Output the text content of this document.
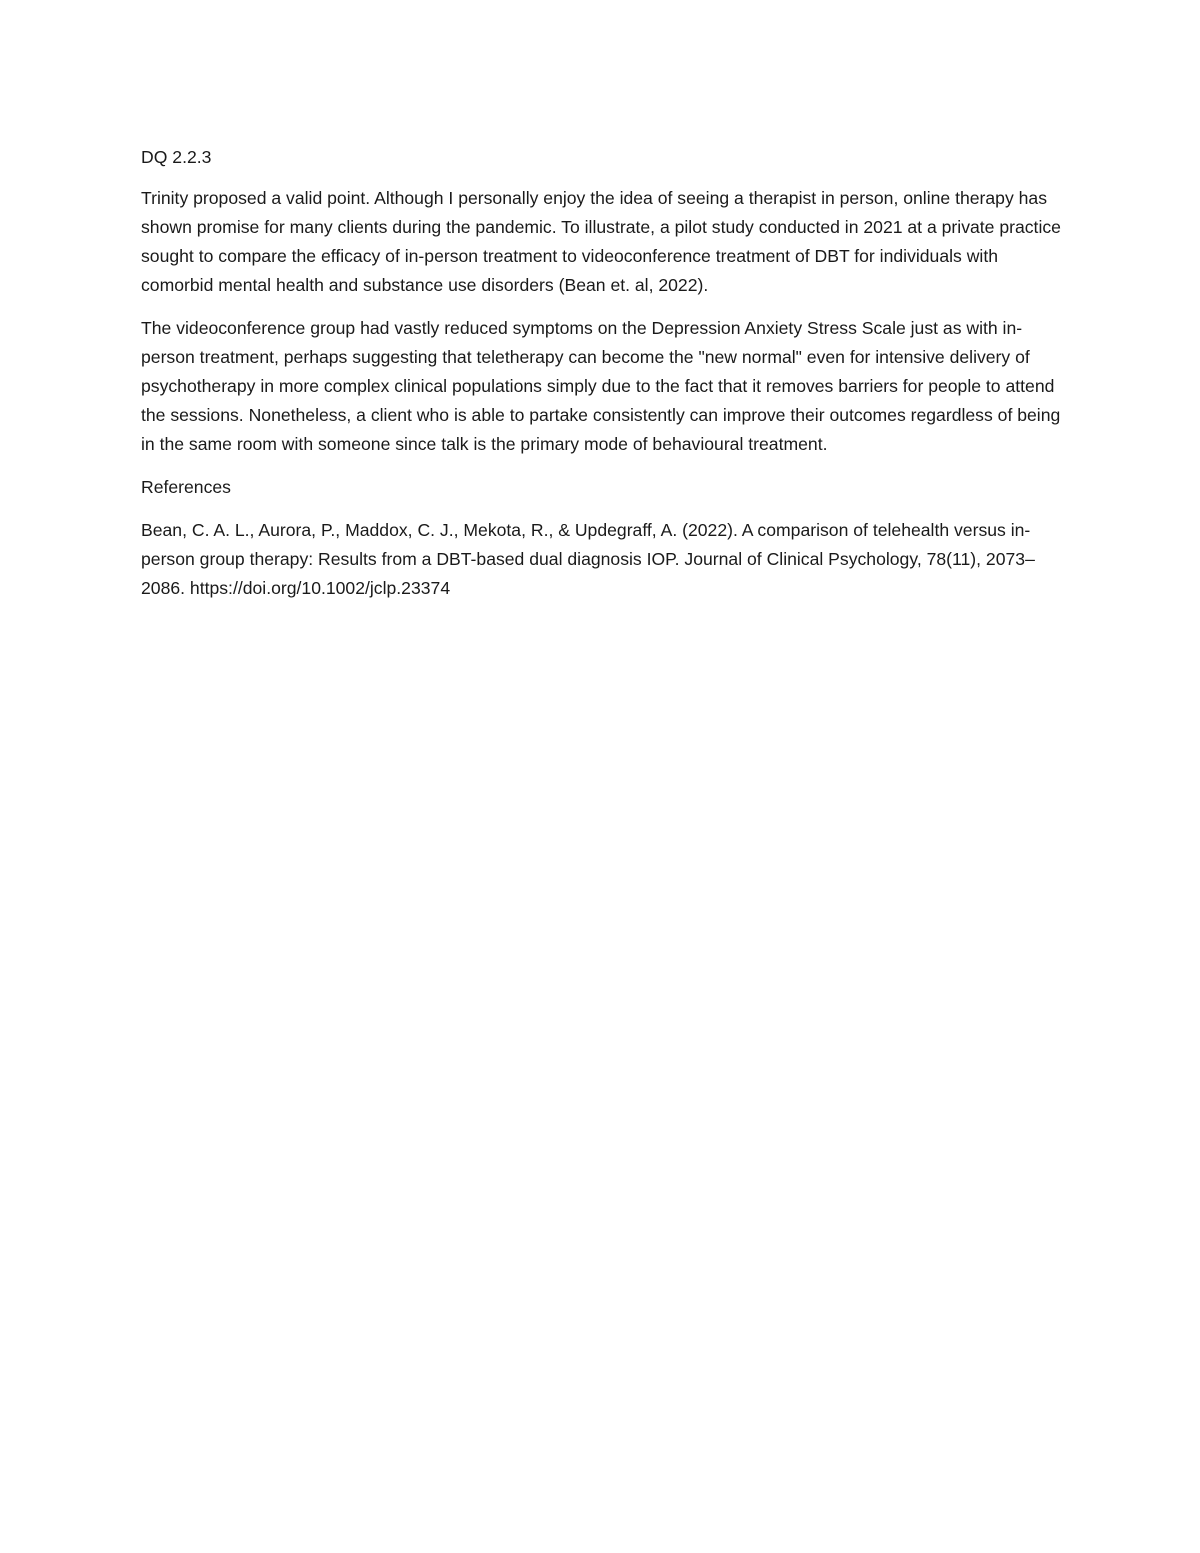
DQ 2.2.3

Trinity proposed a valid point. Although I personally enjoy the idea of seeing a therapist in person, online therapy has shown promise for many clients during the pandemic. To illustrate, a pilot study conducted in 2021 at a private practice sought to compare the efficacy of in-person treatment to videoconference treatment of DBT for individuals with comorbid mental health and substance use disorders (Bean et. al, 2022).

The videoconference group had vastly reduced symptoms on the Depression Anxiety Stress Scale just as with in-person treatment, perhaps suggesting that teletherapy can become the "new normal" even for intensive delivery of psychotherapy in more complex clinical populations simply due to the fact that it removes barriers for people to attend the sessions. Nonetheless, a client who is able to partake consistently can improve their outcomes regardless of being in the same room with someone since talk is the primary mode of behavioural treatment.

References

Bean, C. A. L., Aurora, P., Maddox, C. J., Mekota, R., & Updegraff, A. (2022). A comparison of telehealth versus in-person group therapy: Results from a DBT-based dual diagnosis IOP. Journal of Clinical Psychology, 78(11), 2073–2086. https://doi.org/10.1002/jclp.23374
